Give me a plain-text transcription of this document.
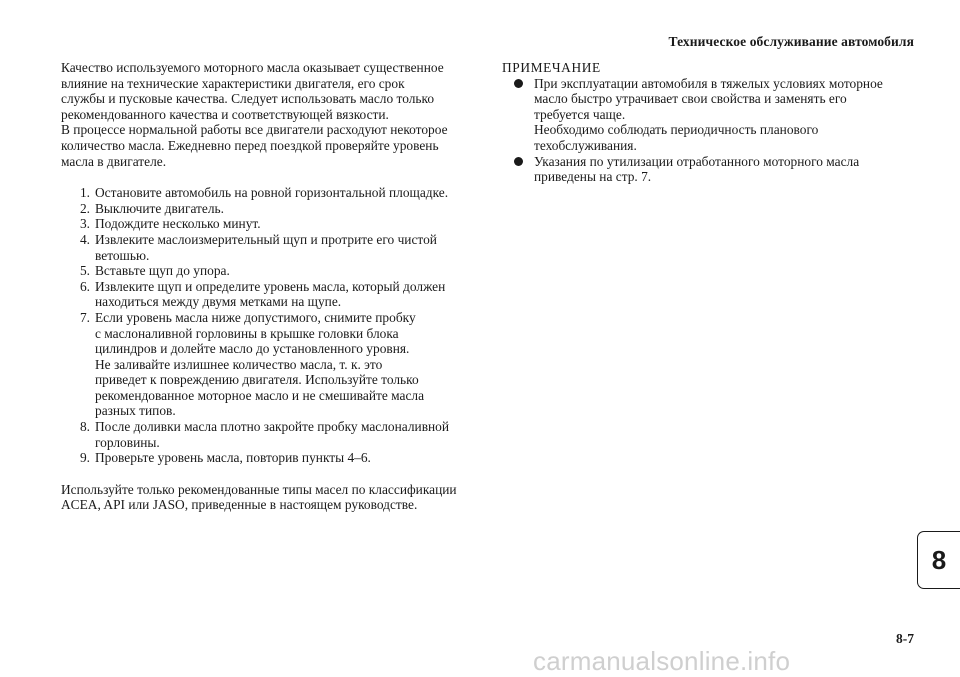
Техническое обслуживание автомобиля

Качество используемого моторного масла оказывает существенное

влияние на технические характеристики двигателя, его срок

службы и пусковые качества. Следует использовать масло только

рекомендованного качества и соответствующей вязкости.

В процессе нормальной работы все двигатели расходуют некоторое

количество масла. Ежедневно перед поездкой проверяйте уровень

масла в двигателе.

1. Остановите автомобиль на ровной горизонтальной площадке.
2. Выключите двигатель.
3. Подождите несколько минут.
4. Извлеките маслоизмерительный щуп и протрите его чистой
ветошью.
5. Вставьте щуп до упора.
6. Извлеките щуп и определите уровень масла, который должен
находиться между двумя метками на щупе.
7. Если уровень масла ниже допустимого, снимите пробку
с маслоналивной горловины в крышке головки блока
цилиндров и долейте масло до установленного уровня.
Не заливайте излишнее количество масла, т. к. это
приведет к повреждению двигателя. Используйте только
рекомендованное моторное масло и не смешивайте масла
разных типов.
8. После доливки масла плотно закройте пробку маслоналивной
горловины.
9. Проверьте уровень масла, повторив пункты 4–6.

Используйте только рекомендованные типы масел по классификации

ACEA, API или JASO, приведенные в настоящем руководстве.

ПРИМЕЧАНИЕ
При эксплуатации автомобиля в тяжелых условиях моторное
масло быстро утрачивает свои свойства и заменять его
требуется чаще.
Необходимо соблюдать периодичность планового
техобслуживания.
Указания по утилизации отработанного моторного масла
приведены на стр. 7.
8
8-7
carmanualsonline.info
